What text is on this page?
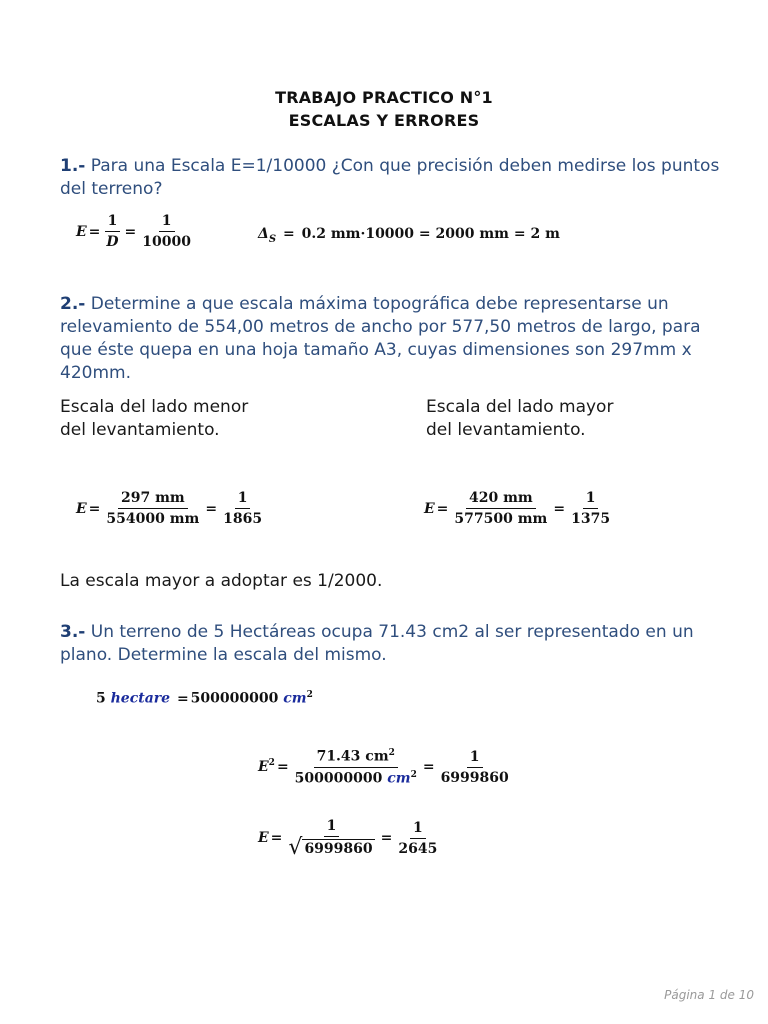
TRABAJO PRACTICO N°1
ESCALAS Y ERRORES
1.- Para una Escala E=1/10000 ¿Con que precisión deben medirse los puntos del terreno?
$E = \frac{1}{D} = \frac{1}{10000}$	$\Delta_S = 0.2$ mm·10000 = 2000 mm = 2 m
2.- Determine a que escala máxima topográfica debe representarse un relevamiento de 554,00 metros de ancho por 577,50 metros de largo, para que éste quepa en una hoja tamaño A3, cuyas dimensiones son 297mm x 420mm.
Escala del lado menor
del levantamiento.
Escala del lado mayor
del levantamiento.
$E = \frac{297 mm}{554000 mm} = \frac{1}{1865}$	$E = \frac{420 mm}{577500 mm} = \frac{1}{1375}$
La escala mayor a adoptar es 1/2000.
3.- Un terreno de 5 Hectáreas ocupa 71.43 cm2 al ser representado en un plano. Determine la escala del mismo.
5 hectare = 500000000 $cm^2$
$E^2 = \frac{71.43 cm^2}{500000000 cm^2} = \frac{1}{6999860}$
$E = \frac{1}{√ 6999860} = \frac{1}{2645}$
Página 1 de 10
